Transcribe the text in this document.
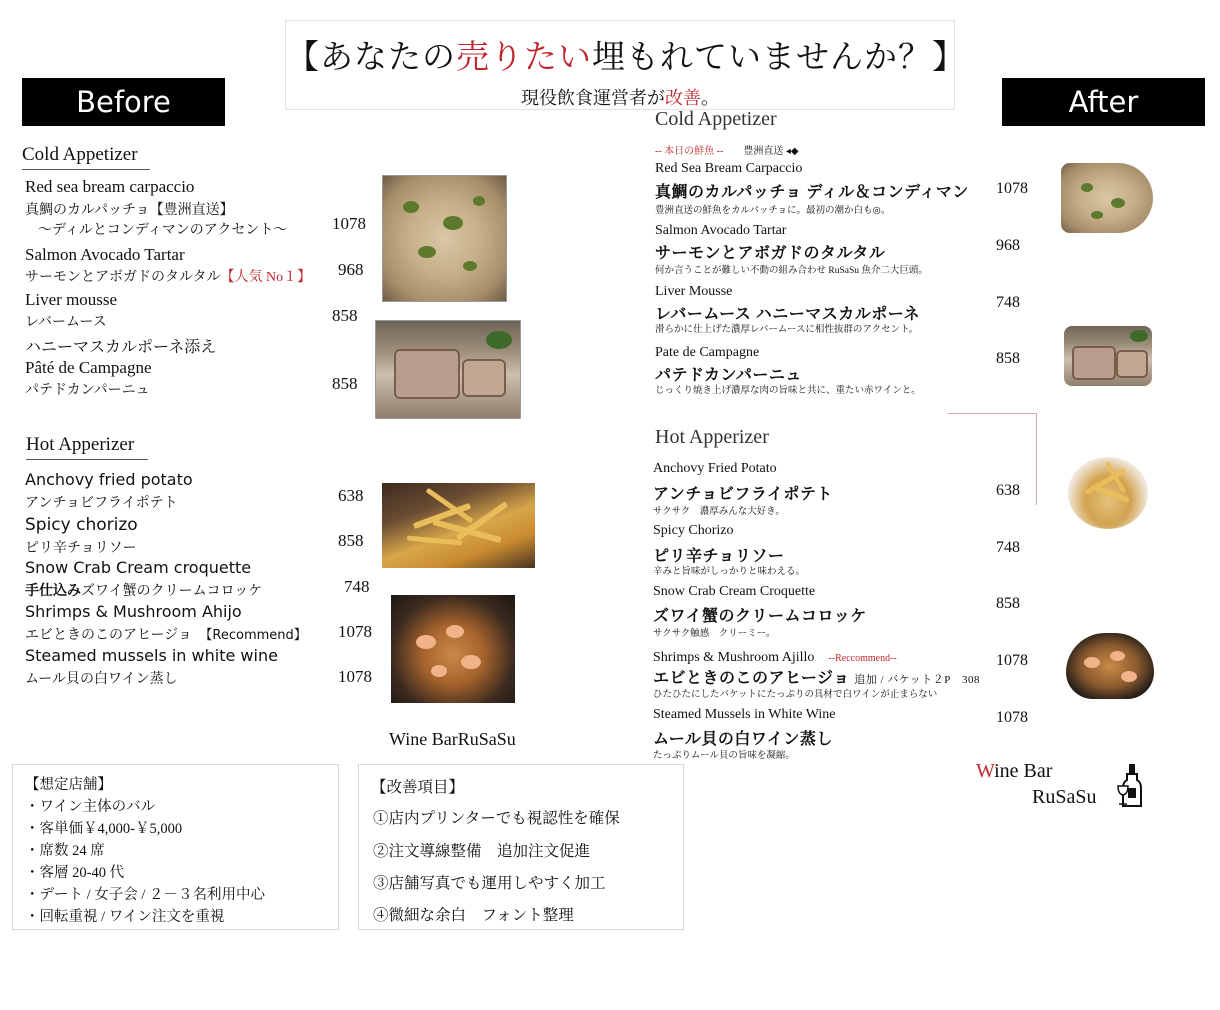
【あなたの売りたい埋もれていませんか？】
現役飲食運営者が改善。
Before	After
Cold Appetizer
Red sea bream carpaccio
真鯛のカルパッチョ【豊洲直送】
～ディルとコンディマンのアクセント～	1078
Salmon Avocado Tartar
サーモンとアボガドのタルタル【人気 No１】 968
Liver mousse
レバームース	858
ハニーマスカルポーネ添え
Pâté de Campagne
パテドカンパーニュ	858
Hot Apperizer
Anchovy fried potato
アンチョビフライポテト	638
Spicy chorizo
ピリ辛チョリソー	858
Snow Crab Cream croquette
手仕込みズワイ蟹のクリームコロッケ	748
Shrimps & Mushroom Ahijo
エビときのこのアヒージョ　 【Recommend】 1078
Steamed mussels in white wine
ムール貝の白ワイン蒸し	1078
Wine BarRuSaSu
Cold Appetizer
-- 本日の鮮魚 --　　 豊洲直送 ◂◆
Red Sea Bream Carpaccio
真鯛のカルパッチョ ディル＆コンディマン
豊洲直送の鮮魚をカルパッチョに。最初の潮か白も◎。
1078
Salmon Avocado Tartar
サーモンとアボガドのタルタル
何か言うことが難しい不動の組み合わせ RuSaSu 魚介二大巨頭。
968
Liver Mousse
レバームース ハニーマスカルポーネ
滑らかに仕上げた濃厚レバームースに相性抜群のアクセント。
748
Pate de Campagne
パテドカンパーニュ
じっくり焼き上げ濃厚な肉の旨味と共に、重たい赤ワインと。
858
Hot Apperizer
Anchovy Fried Potato
アンチョビフライポテト
サクサク　濃厚みんな大好き。
638
Spicy Chorizo
ピリ辛チョリソー
辛みと旨味がしっかりと味わえる。
748
Snow Crab Cream Croquette
ズワイ蟹のクリームコロッケ
サクサク触感　クリーミー。
858
Shrimps & Mushroom Ajillo　 --Reccommend--
エビときのこのアヒージョ 追加 / バケット２P　308
ひたひたにしたバケットにたっぷりの具材で白ワインが止まらない
1078
Steamed Mussels in White Wine
ムール貝の白ワイン蒸し
たっぷりムール貝の旨味を凝縮。
1078
Wine Bar
RuSaSu
【想定店舗】
・ワイン主体のバル
・客単価￥4,000-￥5,000
・席数 24 席
・客層 20-40 代
・デート / 女子会 / ２－３名利用中心
・回転重視 / ワイン注文を重視
【改善項目】
①店内プリンターでも視認性を確保
②注文導線整備　追加注文促進
③店舗写真でも運用しやすく加工
④微細な余白　フォント整理
